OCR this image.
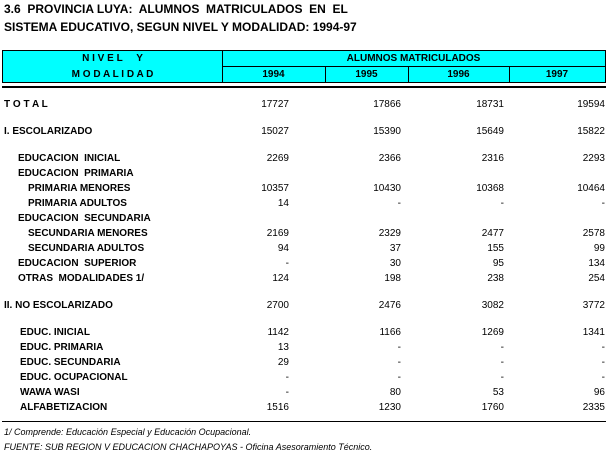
3.6  PROVINCIA LUYA:  ALUMNOS  MATRICULADOS  EN  EL
SISTEMA EDUCATIVO, SEGUN NIVEL Y MODALIDAD: 1994-97
N I V E L     Y
M O D A L I D A D
ALUMNOS MATRICULADOS
1994	1995	1996	1997
T O T A L	17727	17866	18731	19594
I. ESCOLARIZADO	15027	15390	15649	15822
EDUCACION  INICIAL	2269	2366	2316	2293
EDUCACION  PRIMARIA
PRIMARIA MENORES	10357	10430	10368	10464
PRIMARIA ADULTOS	14	-	-	-
EDUCACION  SECUNDARIA
SECUNDARIA MENORES	2169	2329	2477	2578
SECUNDARIA ADULTOS	94	37	155	99
EDUCACION  SUPERIOR	-	30	95	134
OTRAS  MODALIDADES 1/	124	198	238	254
II. NO ESCOLARIZADO	2700	2476	3082	3772
EDUC. INICIAL	1142	1166	1269	1341
EDUC. PRIMARIA	13	-	-	-
EDUC. SECUNDARIA	29	-	-	-
EDUC. OCUPACIONAL	-	-	-	-
WAWA WASI	-	80	53	96
ALFABETIZACION	1516	1230	1760	2335
1/ Comprende: Educación Especial y Educación Ocupacional.
FUENTE: SUB REGION V EDUCACION CHACHAPOYAS - Oficina Asesoramiento Técnico.
